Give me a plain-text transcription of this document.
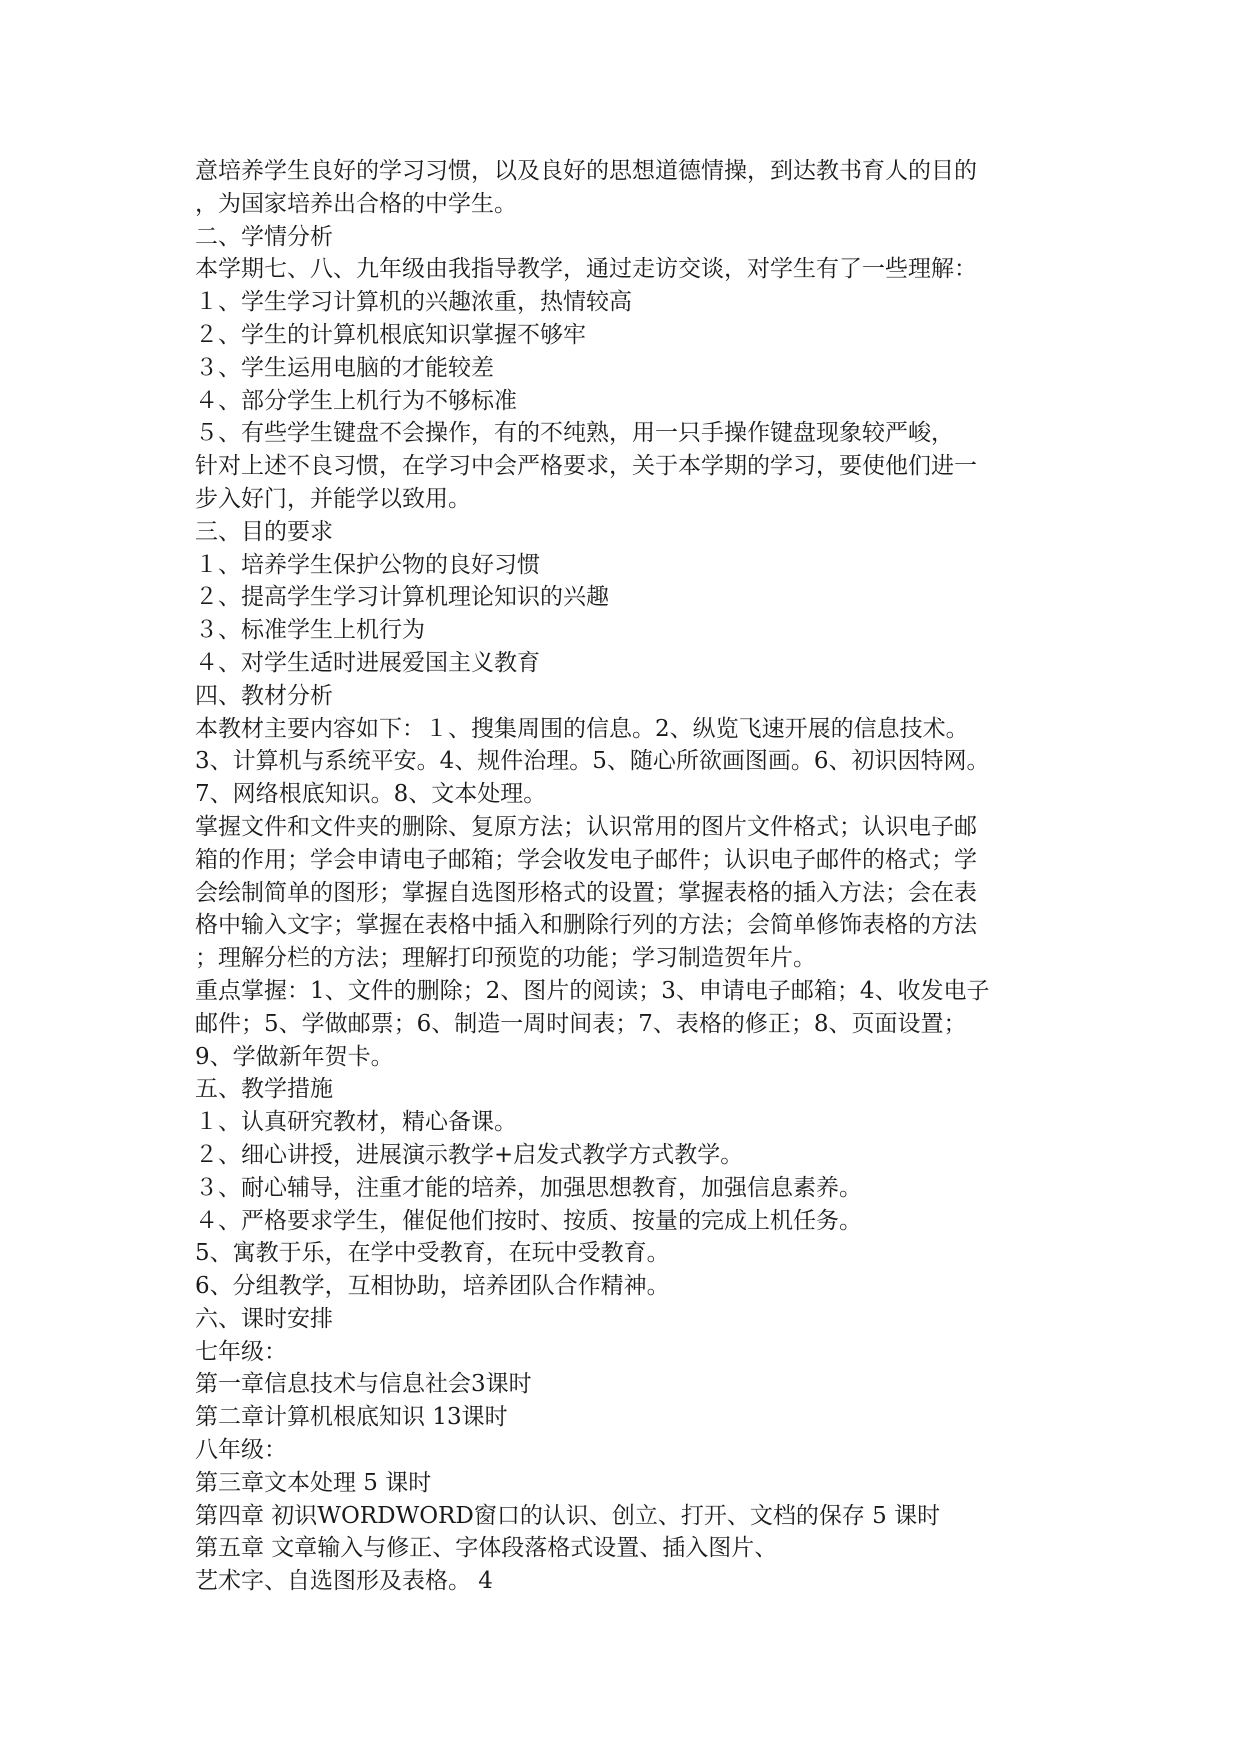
意培养学生良好的学习习惯，以及良好的思想道德情操，到达教书育人的目的
，为国家培养出合格的中学生。
二、学情分析
本学期七、八、九年级由我指导教学，通过走访交谈，对学生有了一些理解：
１、学生学习计算机的兴趣浓重，热情较高
２、学生的计算机根底知识掌握不够牢
３、学生运用电脑的才能较差
４、部分学生上机行为不够标准
５、有些学生键盘不会操作，有的不纯熟，用一只手操作键盘现象较严峻，
针对上述不良习惯，在学习中会严格要求，关于本学期的学习，要使他们进一
步入好门，并能学以致用。
三、目的要求
１、培养学生保护公物的良好习惯
２、提高学生学习计算机理论知识的兴趣
３、标准学生上机行为
４、对学生适时进展爱国主义教育
四、教材分析
本教材主要内容如下：１、搜集周围的信息。2、纵览飞速开展的信息技术。
3、计算机与系统平安。4、规件治理。5、随心所欲画图画。6、初识因特网。
7、网络根底知识。8、文本处理。
掌握文件和文件夹的删除、复原方法；认识常用的图片文件格式；认识电子邮
箱的作用；学会申请电子邮箱；学会收发电子邮件；认识电子邮件的格式；学
会绘制简单的图形；掌握自选图形格式的设置；掌握表格的插入方法；会在表
格中输入文字；掌握在表格中插入和删除行列的方法；会简单修饰表格的方法
；理解分栏的方法；理解打印预览的功能；学习制造贺年片。
重点掌握：1、文件的删除；2、图片的阅读；3、申请电子邮箱；4、收发电子
邮件；5、学做邮票；6、制造一周时间表；7、表格的修正；8、页面设置；
9、学做新年贺卡。
五、教学措施
１、认真研究教材，精心备课。
２、细心讲授，进展演示教学+启发式教学方式教学。
３、耐心辅导，注重才能的培养，加强思想教育，加强信息素养。
４、严格要求学生，催促他们按时、按质、按量的完成上机任务。
5、寓教于乐，在学中受教育，在玩中受教育。
6、分组教学，互相协助，培养团队合作精神。
六、课时安排
七年级：
第一章信息技术与信息社会3课时
第二章计算机根底知识 13课时
八年级：
第三章文本处理 5 课时
第四章 初识WORDWORD窗口的认识、创立、打开、文档的保存 5 课时
第五章 文章输入与修正、字体段落格式设置、插入图片、
艺术字、自选图形及表格。 4
